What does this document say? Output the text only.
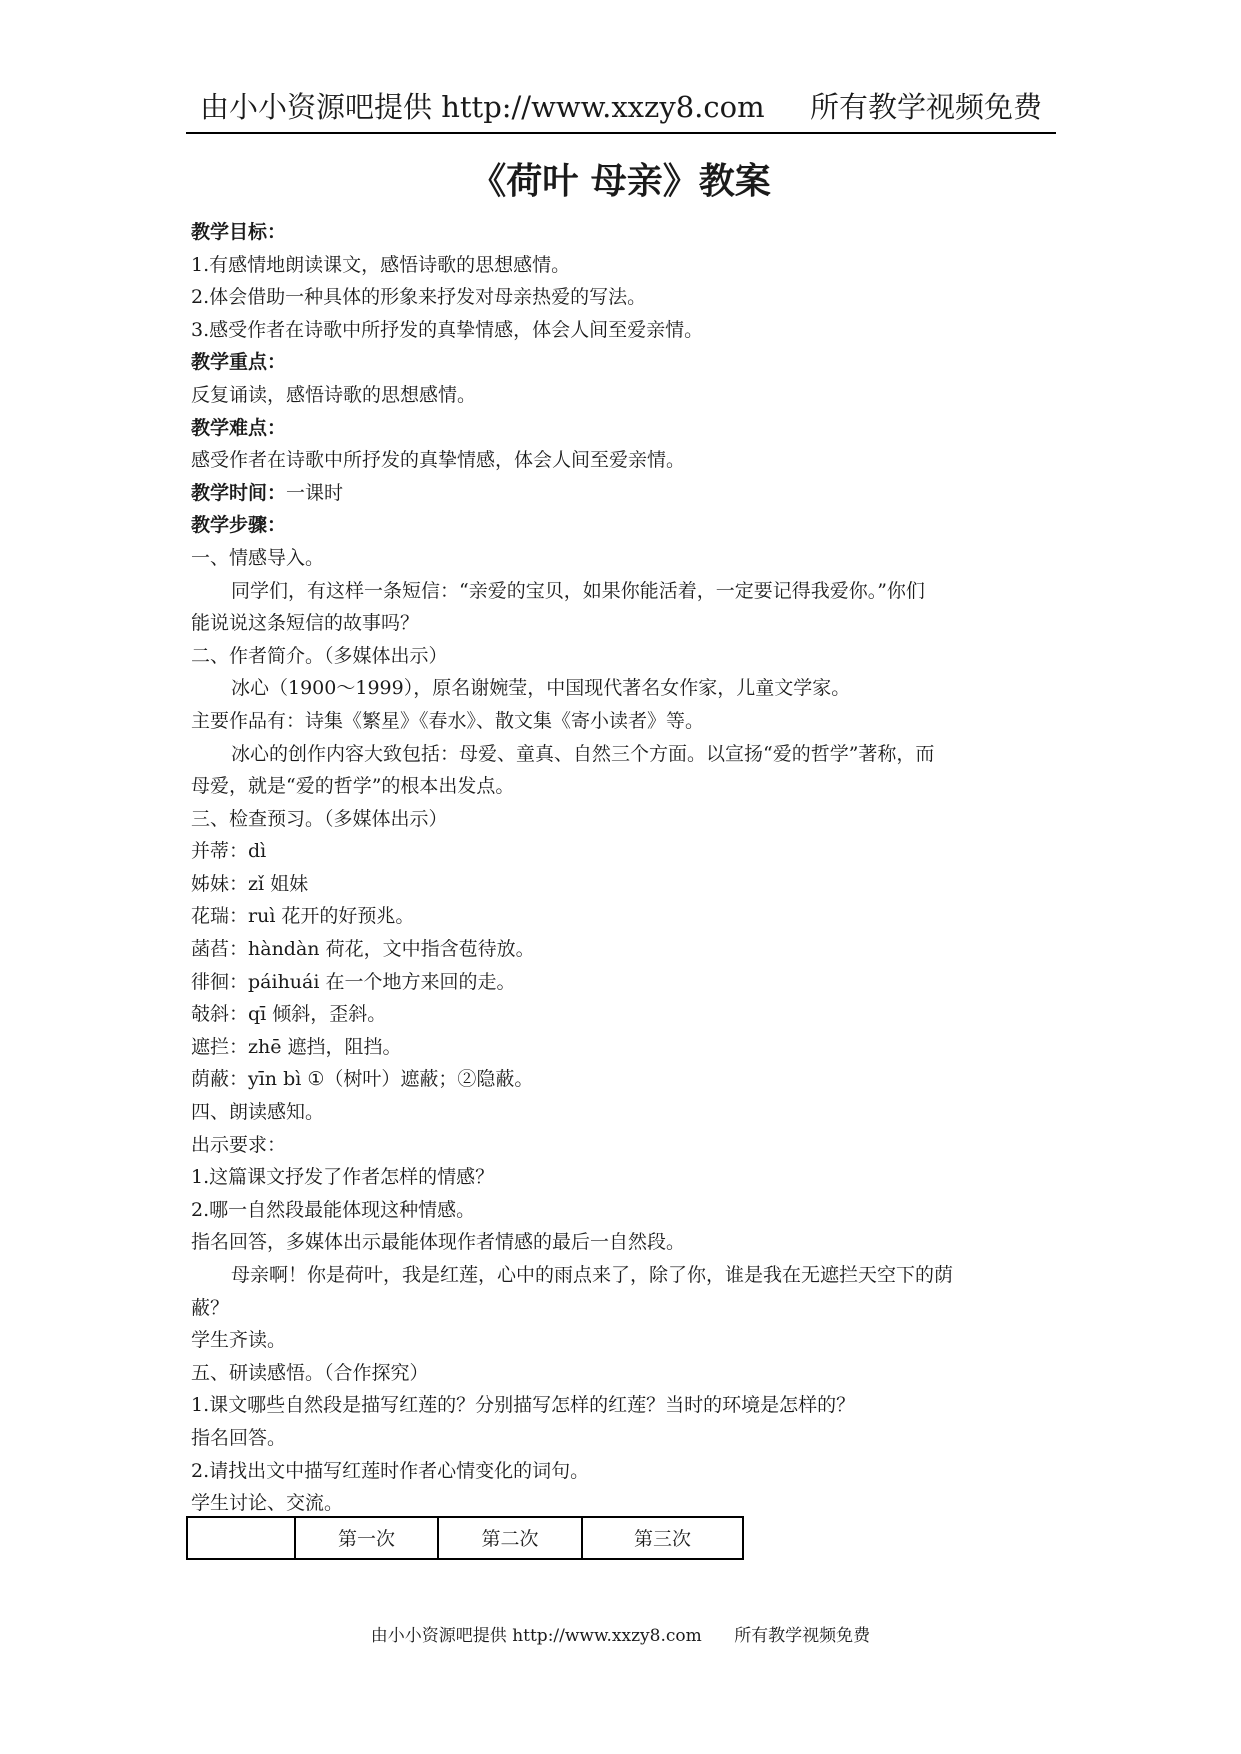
由小小资源吧提供 http://www.xxzy8.com 所有教学视频免费
《荷叶 母亲》教案
教学目标：
1.有感情地朗读课文，感悟诗歌的思想感情。
2.体会借助一种具体的形象来抒发对母亲热爱的写法。
3.感受作者在诗歌中所抒发的真挚情感，体会人间至爱亲情。
教学重点：
反复诵读，感悟诗歌的思想感情。
教学难点：
感受作者在诗歌中所抒发的真挚情感，体会人间至爱亲情。
教学时间：一课时
教学步骤：
一、情感导入。
同学们，有这样一条短信：“亲爱的宝贝，如果你能活着，一定要记得我爱你。”你们
能说说这条短信的故事吗？
二、作者简介。（多媒体出示）
冰心（1900～1999），原名谢婉莹，中国现代著名女作家，儿童文学家。
主要作品有：诗集《繁星》《春水》、散文集《寄小读者》等。
冰心的创作内容大致包括：母爱、童真、自然三个方面。以宣扬“爱的哲学”著称，而
母爱，就是“爱的哲学”的根本出发点。
三、检查预习。（多媒体出示）
并蒂：dì
姊妹：zǐ 姐妹
花瑞：ruì 花开的好预兆。
菡萏：hàndàn 荷花，文中指含苞待放。
徘徊：páihuái 在一个地方来回的走。
攲斜：qī 倾斜，歪斜。
遮拦：zhē 遮挡，阻挡。
荫蔽：yīn bì ①（树叶）遮蔽；②隐蔽。
四、朗读感知。
出示要求：
1.这篇课文抒发了作者怎样的情感？
2.哪一自然段最能体现这种情感。
指名回答，多媒体出示最能体现作者情感的最后一自然段。
母亲啊！你是荷叶，我是红莲，心中的雨点来了，除了你，谁是我在无遮拦天空下的荫
蔽？
学生齐读。
五、研读感悟。（合作探究）
1.课文哪些自然段是描写红莲的？分别描写怎样的红莲？当时的环境是怎样的？
指名回答。
2.请找出文中描写红莲时作者心情变化的词句。
学生讨论、交流。
	第一次	第二次	第三次
由小小资源吧提供 http://www.xxzy8.com 所有教学视频免费
